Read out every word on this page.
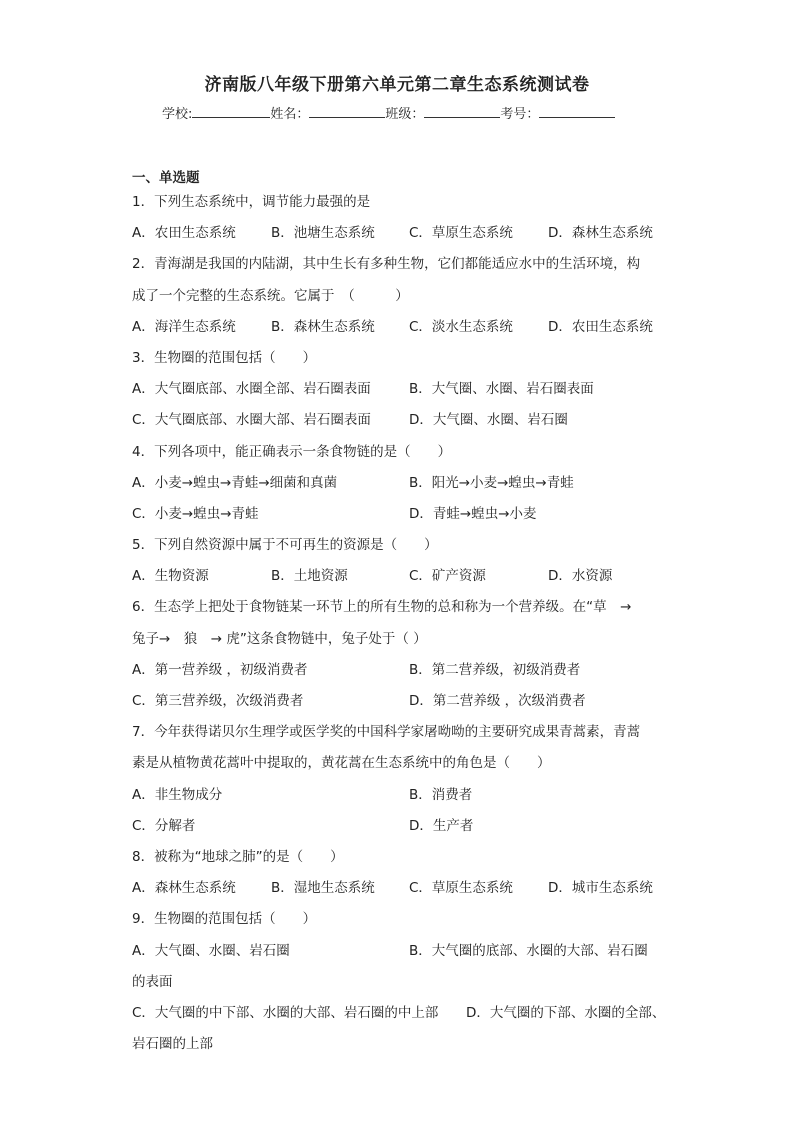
济南版八年级下册第六单元第二章生态系统测试卷
学校:	姓名：	班级：	考号：
一、单选题
1．下列生态系统中，调节能力最强的是
A．农田生态系统	B．池塘生态系统	C．草原生态系统	D．森林生态系统
2．青海湖是我国的内陆湖，其中生长有多种生物，它们都能适应水中的生活环境，构
成了一个完整的生态系统。它属于　（　　　）
A．海洋生态系统	B．森林生态系统	C．淡水生态系统	D．农田生态系统
3．生物圈的范围包括（　　）
A．大气圈底部、水圈全部、岩石圈表面	B．大气圈、水圈、岩石圈表面
C．大气圈底部、水圈大部、岩石圈表面	D．大气圈、水圈、岩石圈
4．下列各项中，能正确表示一条食物链的是（　　）
A．小麦→蝗虫→青蛙→细菌和真菌	B．阳光→小麦→蝗虫→青蛙
C．小麦→蝗虫→青蛙	D．青蛙→蝗虫→小麦
5．下列自然资源中属于不可再生的资源是（　　）
A．生物资源	B．土地资源	C．矿产资源	D．水资源
6．生态学上把处于食物链某一环节上的所有生物的总和称为一个营养级。在“草　→
兔子→　狼　→ 虎”这条食物链中，兔子处于（ ）
A．第一营养级 ，初级消费者	B．第二营养级，初级消费者
C．第三营养级，次级消费者	D．第二营养级 ，次级消费者
7．今年获得诺贝尔生理学或医学奖的中国科学家屠呦呦的主要研究成果青蒿素，青蒿
素是从植物黄花蒿叶中提取的，黄花蒿在生态系统中的角色是（　　）
A．非生物成分	B．消费者
C．分解者	D．生产者
8．被称为“地球之肺”的是（　　）
A．森林生态系统	B．湿地生态系统	C．草原生态系统	D．城市生态系统
9．生物圈的范围包括（　　）
A．大气圈、水圈、岩石圈	B．大气圈的底部、水圈的大部、岩石圈
的表面
C．大气圈的中下部、水圈的大部、岩石圈的中上部 D．大气圈的下部、水圈的全部、
岩石圈的上部
